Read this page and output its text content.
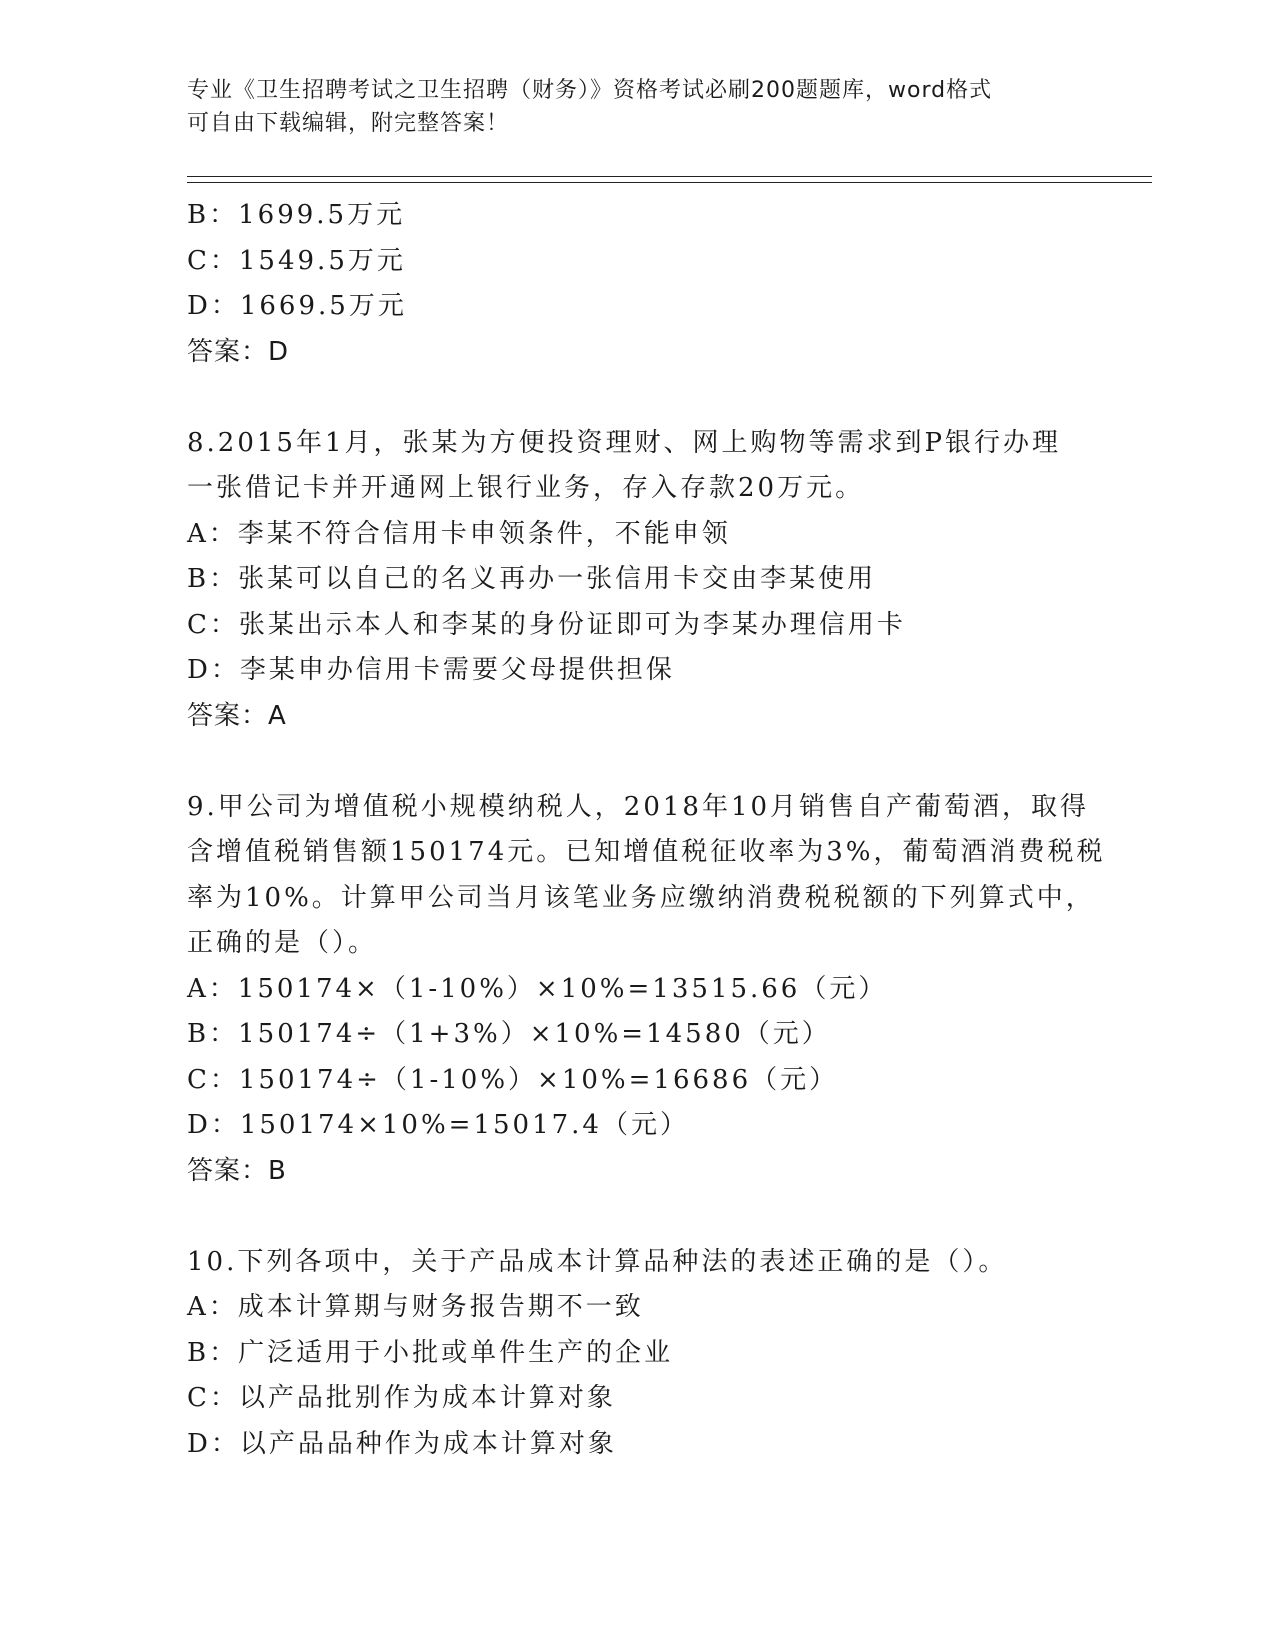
专业《卫生招聘考试之卫生招聘（财务）》资格考试必刷200题题库，word格式
可自由下载编辑，附完整答案！
B：1699.5万元
C：1549.5万元
D：1669.5万元
答案：D
8.2015年1月，张某为方便投资理财、网上购物等需求到P银行办理
一张借记卡并开通网上银行业务，存入存款20万元。
A：李某不符合信用卡申领条件，不能申领
B：张某可以自己的名义再办一张信用卡交由李某使用
C：张某出示本人和李某的身份证即可为李某办理信用卡
D：李某申办信用卡需要父母提供担保
答案：A
9.甲公司为增值税小规模纳税人，2018年10月销售自产葡萄酒，取得
含增值税销售额150174元。已知增值税征收率为3%，葡萄酒消费税税
率为10%。计算甲公司当月该笔业务应缴纳消费税税额的下列算式中，
正确的是（）。
A：150174×（1-10%）×10%=13515.66（元）
B：150174÷（1+3%）×10%=14580（元）
C：150174÷（1-10%）×10%=16686（元）
D：150174×10%=15017.4（元）
答案：B
10.下列各项中，关于产品成本计算品种法的表述正确的是（）。
A：成本计算期与财务报告期不一致
B：广泛适用于小批或单件生产的企业
C：以产品批别作为成本计算对象
D：以产品品种作为成本计算对象
